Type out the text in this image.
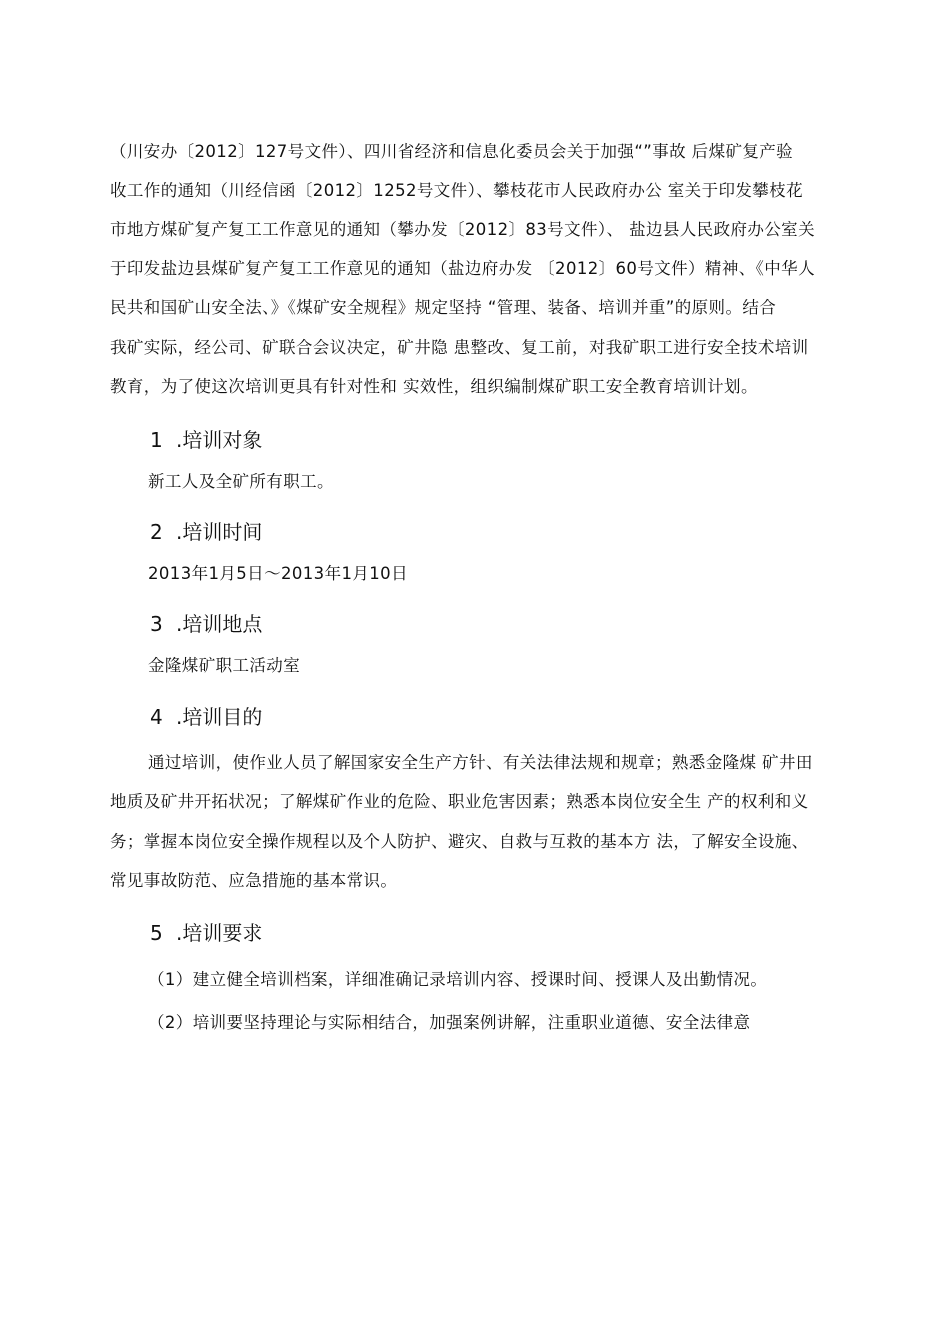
（川安办〔2012〕127号文件）、四川省经济和信息化委员会关于加强“”事故 后煤矿复产验
收工作的通知（川经信函〔2012〕1252号文件）、攀枝花市人民政府办公 室关于印发攀枝花
市地方煤矿复产复工工作意见的通知（攀办发〔2012〕83号文件）、 盐边县人民政府办公室关
于印发盐边县煤矿复产复工工作意见的通知（盐边府办发 〔2012〕60号文件）精神、《中华人
民共和国矿山安全法、》《煤矿安全规程》规定坚持 “管理、装备、培训并重”的原则。结合
我矿实际，经公司、矿联合会议决定，矿井隐 患整改、复工前，对我矿职工进行安全技术培训
教育，为了使这次培训更具有针对性和 实效性，组织编制煤矿职工安全教育培训计划。
1 .培训对象
新工人及全矿所有职工。
2 .培训时间
2013年1月5日～2013年1月10日
3 .培训地点
金隆煤矿职工活动室
4 .培训目的
通过培训，使作业人员了解国家安全生产方针、有关法律法规和规章；熟悉金隆煤 矿井田
地质及矿井开拓状况；了解煤矿作业的危险、职业危害因素；熟悉本岗位安全生 产的权利和义
务；掌握本岗位安全操作规程以及个人防护、避灾、自救与互救的基本方 法，了解安全设施、
常见事故防范、应急措施的基本常识。
5 .培训要求
（1）建立健全培训档案，详细准确记录培训内容、授课时间、授课人及出勤情况。
（2）培训要坚持理论与实际相结合，加强案例讲解，注重职业道德、安全法律意
